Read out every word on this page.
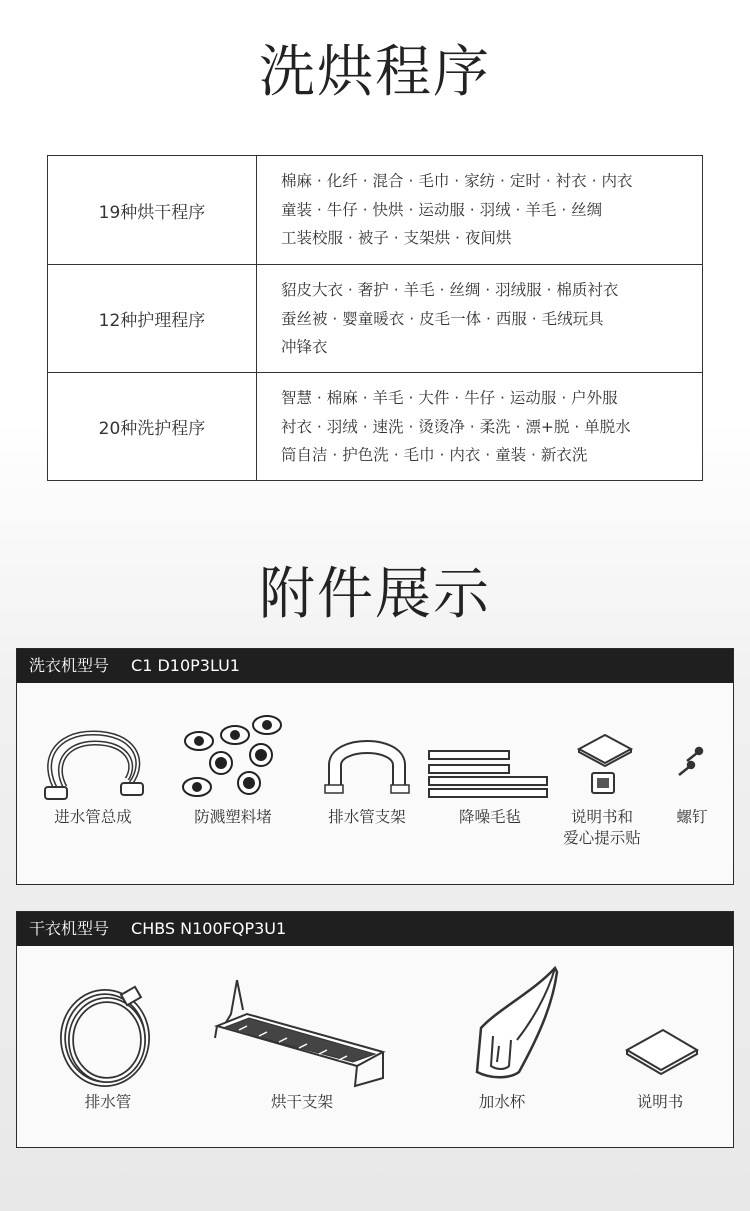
洗烘程序
19种烘干程序
棉麻 · 化纤 · 混合 · 毛巾 · 家纺 · 定时 · 衬衣 · 内衣
童装 · 牛仔 · 快烘 · 运动服 · 羽绒 · 羊毛 · 丝绸
工装校服 · 被子 · 支架烘 · 夜间烘
12种护理程序
貂皮大衣 · 奢护 · 羊毛 · 丝绸 · 羽绒服 · 棉质衬衣
蚕丝被 · 婴童暖衣 · 皮毛一体 · 西服 · 毛绒玩具
冲锋衣
20种洗护程序
智慧 · 棉麻 · 羊毛 · 大件 · 牛仔 · 运动服 · 户外服
衬衣 · 羽绒 · 速洗 · 烫烫净 · 柔洗 · 漂+脱 · 单脱水
筒自洁 · 护色洗 · 毛巾 · 内衣 · 童装 · 新衣洗
附件展示
洗衣机型号 C1 D10P3LU1
进水管总成	防溅塑料堵	排水管支架	降噪毛毡	说明书和
爱心提示贴
螺钉
干衣机型号 CHBS N100FQP3U1
排水管	烘干支架	加水杯	说明书
